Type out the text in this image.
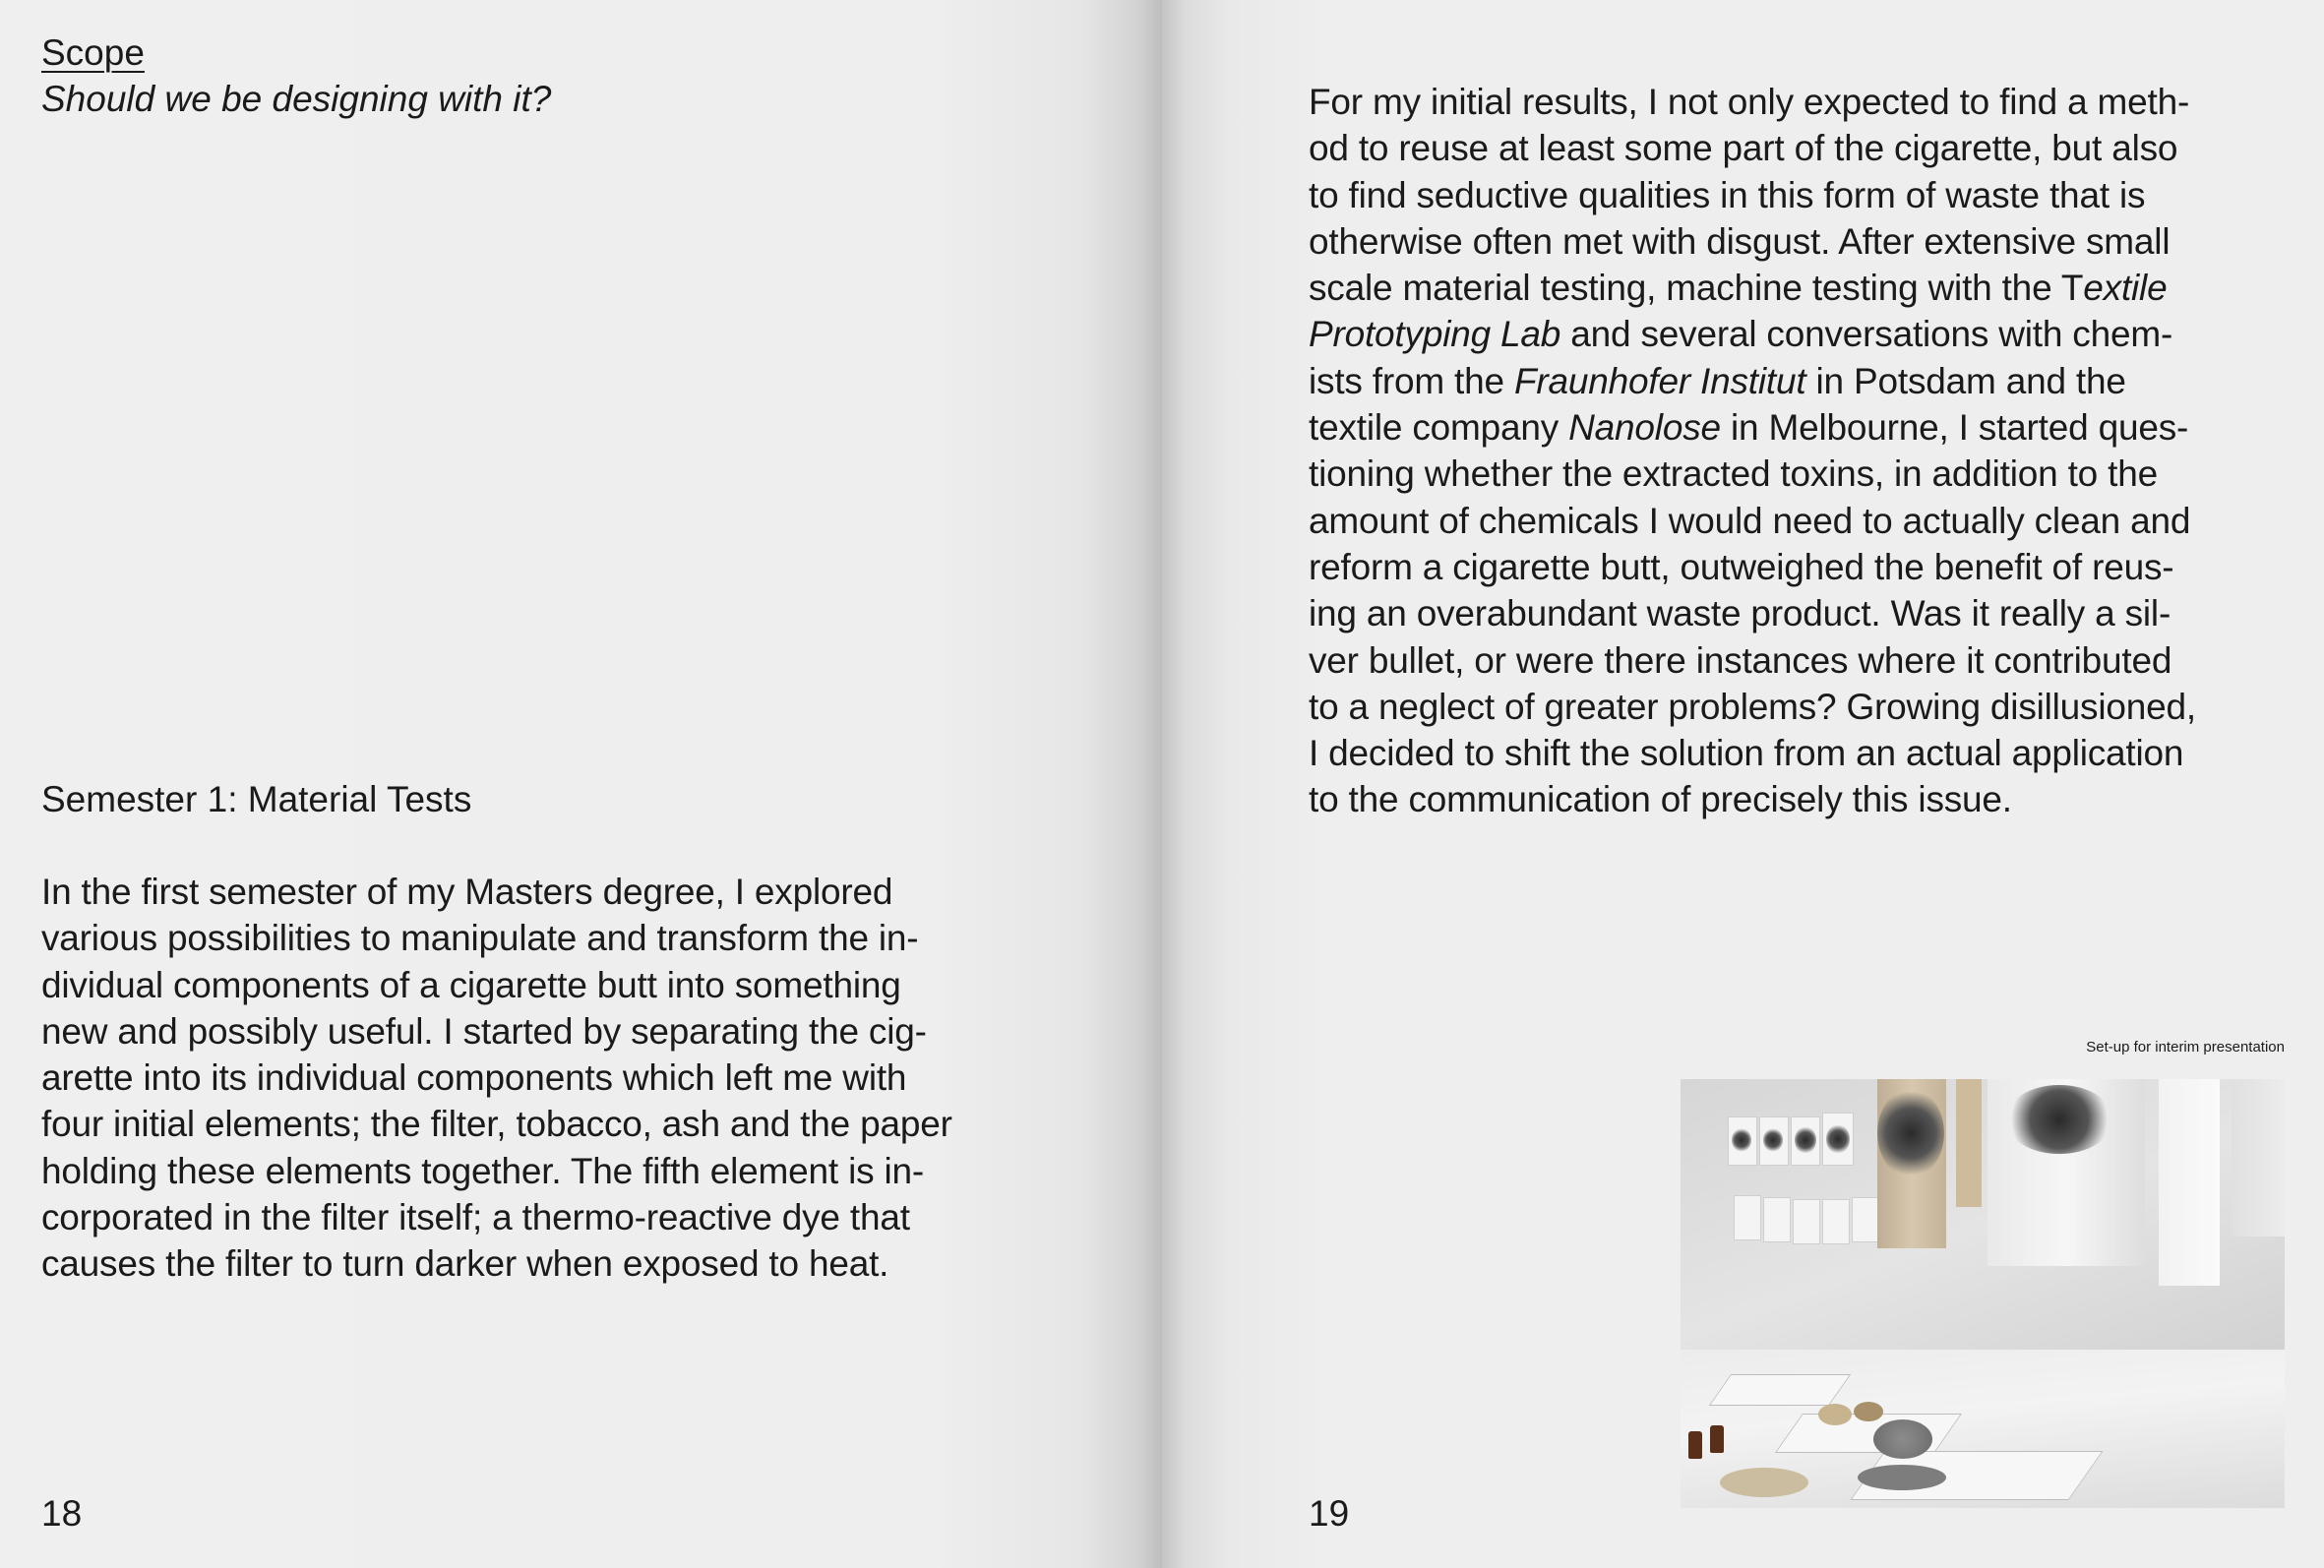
Scope
Should we be designing with it?
Semester 1: Material Tests
In the first semester of my Masters degree, I explored
various possibilities to manipulate and transform the in-
dividual components of a cigarette butt into something
new and possibly useful. I started by separating the cig-
arette into its individual components which left me with
four initial elements; the filter, tobacco, ash and the paper
holding these elements together. The fifth element is in-
corporated in the filter itself; a thermo-reactive dye that
causes the filter to turn darker when exposed to heat.
18
For my initial results, I not only expected to find a meth-
od to reuse at least some part of the cigarette, but also
to find seductive qualities in this form of waste that is
otherwise often met with disgust. After extensive small
scale material testing, machine testing with the Textile
Prototyping Lab and several conversations with chem-
ists from the Fraunhofer Institut in Potsdam and the
textile company Nanolose in Melbourne, I started ques-
tioning whether the extracted toxins, in addition to the
amount of chemicals I would need to actually clean and
reform a cigarette butt, outweighed the benefit of reus-
ing an overabundant waste product. Was it really a sil-
ver bullet, or were there instances where it contributed
to a neglect of greater problems? Growing disillusioned,
I decided to shift the solution from an actual application
to the communication of precisely this issue.
Set-up for interim presentation
19
